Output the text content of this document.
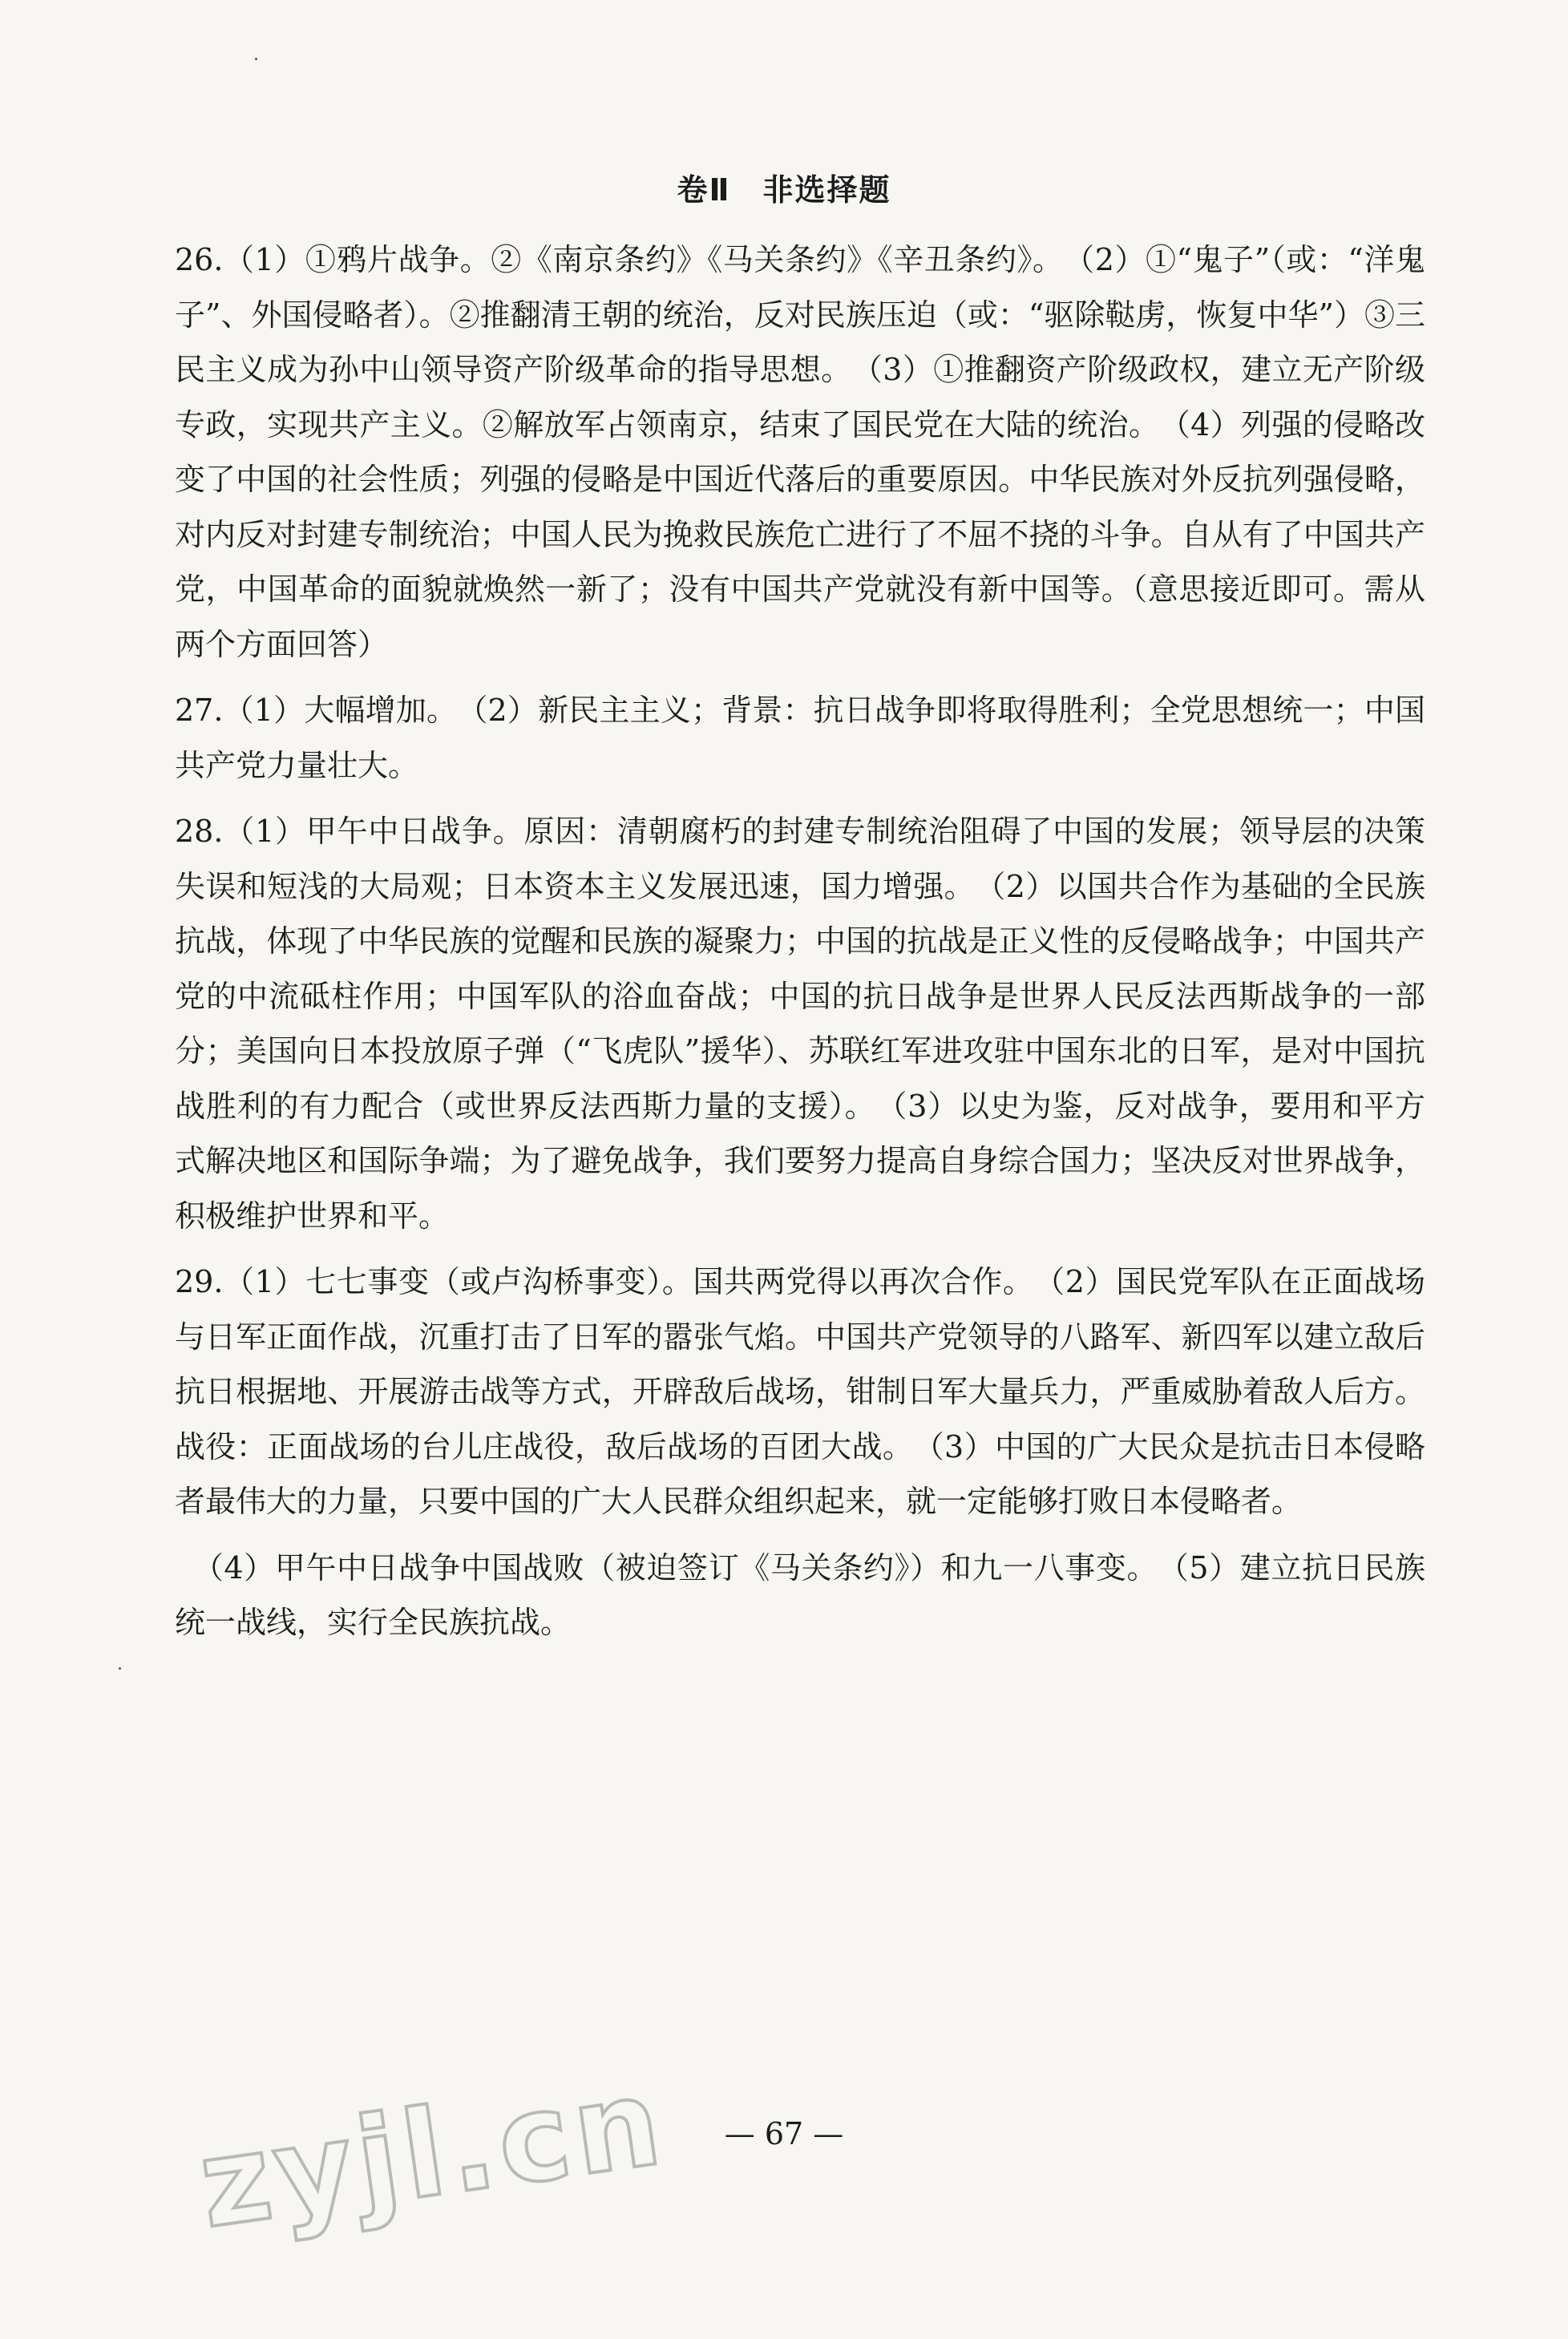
卷Ⅱ　非选择题

26.（1）①鸦片战争。②《南京条约》《马关条约》《辛丑条约》。　（2）①“鬼子”（或：“洋鬼子”、外国侵略者）。②推翻清王朝的统治，反对民族压迫（或：“驱除鞑虏，恢复中华”）③三民主义成为孙中山领导资产阶级革命的指导思想。　（3）①推翻资产阶级政权，建立无产阶级专政，实现共产主义。②解放军占领南京，结束了国民党在大陆的统治。　（4）列强的侵略改变了中国的社会性质；列强的侵略是中国近代落后的重要原因。中华民族对外反抗列强侵略，对内反对封建专制统治；中国人民为挽救民族危亡进行了不屈不挠的斗争。自从有了中国共产党，中国革命的面貌就焕然一新了；没有中国共产党就没有新中国等。（意思接近即可。需从两个方面回答）

27.（1）大幅增加。　（2）新民主主义；背景：抗日战争即将取得胜利；全党思想统一；中国共产党力量壮大。

28.（1）甲午中日战争。原因：清朝腐朽的封建专制统治阻碍了中国的发展；领导层的决策失误和短浅的大局观；日本资本主义发展迅速，国力增强。　（2）以国共合作为基础的全民族抗战，体现了中华民族的觉醒和民族的凝聚力；中国的抗战是正义性的反侵略战争；中国共产党的中流砥柱作用；中国军队的浴血奋战；中国的抗日战争是世界人民反法西斯战争的一部分；美国向日本投放原子弹（“飞虎队”援华）、苏联红军进攻驻中国东北的日军，是对中国抗战胜利的有力配合（或世界反法西斯力量的支援）。　（3）以史为鉴，反对战争，要用和平方式解决地区和国际争端；为了避免战争，我们要努力提高自身综合国力；坚决反对世界战争，积极维护世界和平。

29.（1）七七事变（或卢沟桥事变）。国共两党得以再次合作。　（2）国民党军队在正面战场与日军正面作战，沉重打击了日军的嚣张气焰。中国共产党领导的八路军、新四军以建立敌后抗日根据地、开展游击战等方式，开辟敌后战场，钳制日军大量兵力，严重威胁着敌人后方。战役：正面战场的台儿庄战役，敌后战场的百团大战。　（3）中国的广大民众是抗击日本侵略者最伟大的力量，只要中国的广大人民群众组织起来，就一定能够打败日本侵略者。

（4）甲午中日战争中国战败（被迫签订《马关条约》）和九一八事变。　（5）建立抗日民族统一战线，实行全民族抗战。

zyjl.cn	— 67 —
